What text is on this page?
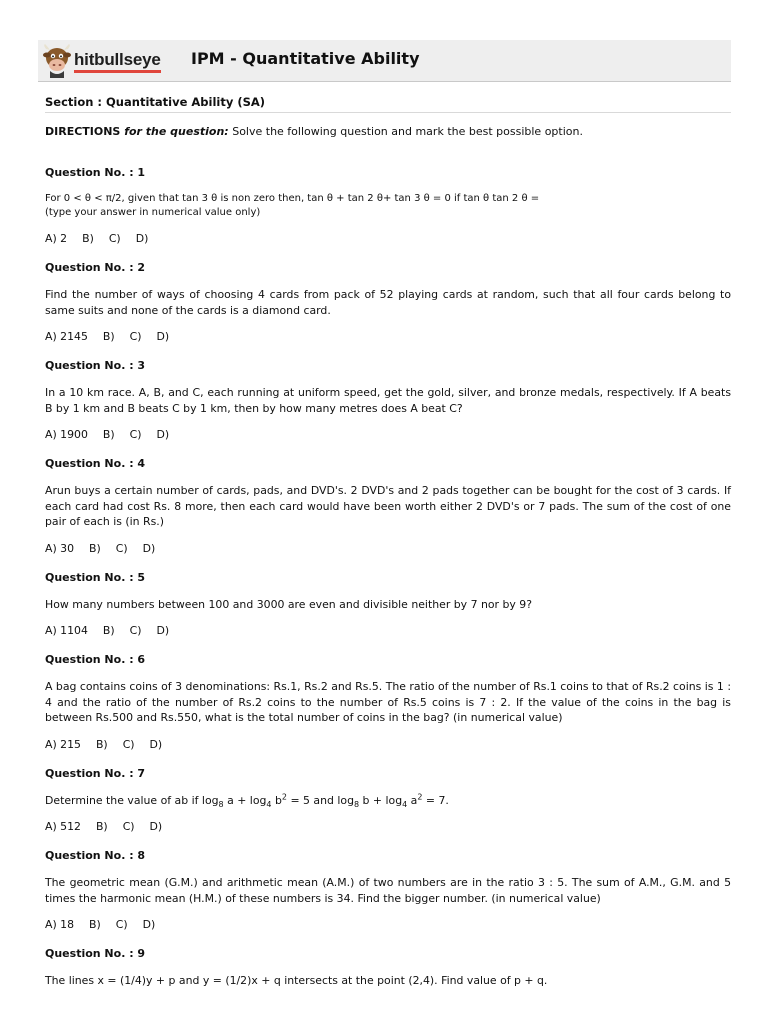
hitbullseye IPM - Quantitative Ability
Section : Quantitative Ability (SA)
DIRECTIONS for the question: Solve the following question and mark the best possible option.
Question No. : 1
For 0 < θ < π/2, given that tan 3 θ is non zero then, tan θ + tan 2 θ+ tan 3 θ = 0 if tan θ tan 2 θ =
(type your answer in numerical value only)
A) 2 B) C) D)
Question No. : 2
Find the number of ways of choosing 4 cards from pack of 52 playing cards at random, such that all four cards belong to same suits and none of the cards is a diamond card.
A) 2145 B) C) D)
Question No. : 3
In a 10 km race. A, B, and C, each running at uniform speed, get the gold, silver, and bronze medals, respectively. If A beats B by 1 km and B beats C by 1 km, then by how many metres does A beat C?
A) 1900 B) C) D)
Question No. : 4
Arun buys a certain number of cards, pads, and DVD's. 2 DVD's and 2 pads together can be bought for the cost of 3 cards. If each card had cost Rs. 8 more, then each card would have been worth either 2 DVD's or 7 pads. The sum of the cost of one pair of each is (in Rs.)
A) 30 B) C) D)
Question No. : 5
How many numbers between 100 and 3000 are even and divisible neither by 7 nor by 9?
A) 1104 B) C) D)
Question No. : 6
A bag contains coins of 3 denominations: Rs.1, Rs.2 and Rs.5. The ratio of the number of Rs.1 coins to that of Rs.2 coins is 1 : 4 and the ratio of the number of Rs.2 coins to the number of Rs.5 coins is 7 : 2. If the value of the coins in the bag is between Rs.500 and Rs.550, what is the total number of coins in the bag? (in numerical value)
A) 215 B) C) D)
Question No. : 7
Determine the value of ab if $\log_8 a + \log_4 b^2 = 5$ and $\log_8 b + \log_4 a^2 = 7$.
A) 512 B) C) D)
Question No. : 8
The geometric mean (G.M.) and arithmetic mean (A.M.) of two numbers are in the ratio 3 : 5. The sum of A.M., G.M. and 5 times the harmonic mean (H.M.) of these numbers is 34. Find the bigger number. (in numerical value)
A) 18 B) C) D)
Question No. : 9
The lines x = (1/4)y + p and y = (1/2)x + q intersects at the point (2,4). Find value of p + q.
